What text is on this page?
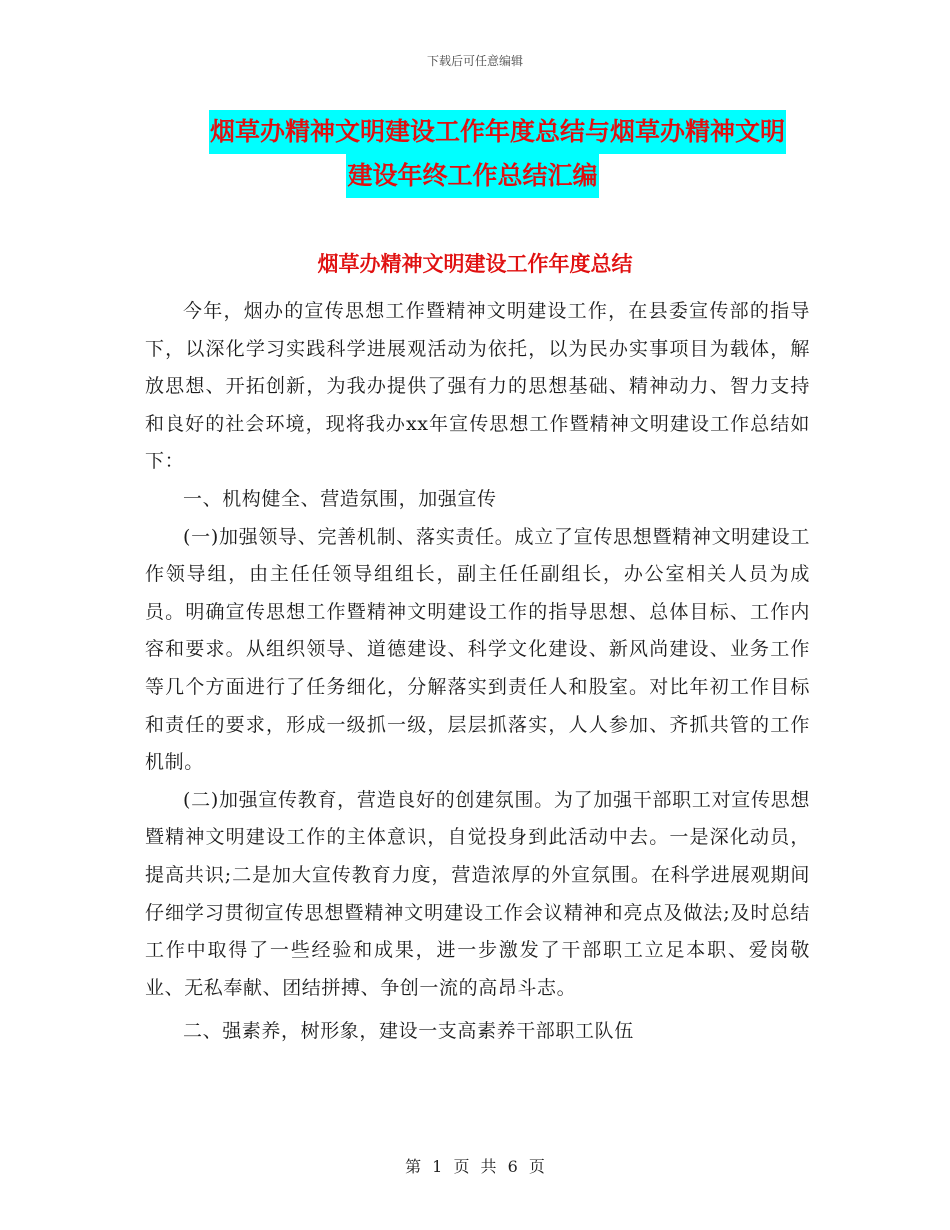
下载后可任意编辑
烟草办精神文明建设工作年度总结与烟草办精神文明
建设年终工作总结汇编
烟草办精神文明建设工作年度总结

今年，烟办的宣传思想工作暨精神文明建设工作，在县委宣传部的指导下，以深化学习实践科学进展观活动为依托，以为民办实事项目为载体，解放思想、开拓创新，为我办提供了强有力的思想基础、精神动力、智力支持和良好的社会环境，现将我办xx年宣传思想工作暨精神文明建设工作总结如下：

一、机构健全、营造氛围，加强宣传

(一)加强领导、完善机制、落实责任。成立了宣传思想暨精神文明建设工作领导组，由主任任领导组组长，副主任任副组长，办公室相关人员为成员。明确宣传思想工作暨精神文明建设工作的指导思想、总体目标、工作内容和要求。从组织领导、道德建设、科学文化建设、新风尚建设、业务工作等几个方面进行了任务细化，分解落实到责任人和股室。对比年初工作目标和责任的要求，形成一级抓一级，层层抓落实，人人参加、齐抓共管的工作机制。

(二)加强宣传教育，营造良好的创建氛围。为了加强干部职工对宣传思想暨精神文明建设工作的主体意识，自觉投身到此活动中去。一是深化动员，提高共识;二是加大宣传教育力度，营造浓厚的外宣氛围。在科学进展观期间仔细学习贯彻宣传思想暨精神文明建设工作会议精神和亮点及做法;及时总结工作中取得了一些经验和成果，进一步激发了干部职工立足本职、爱岗敬业、无私奉献、团结拼搏、争创一流的高昂斗志。

二、强素养，树形象，建设一支高素养干部职工队伍

第 1 页 共 6 页
